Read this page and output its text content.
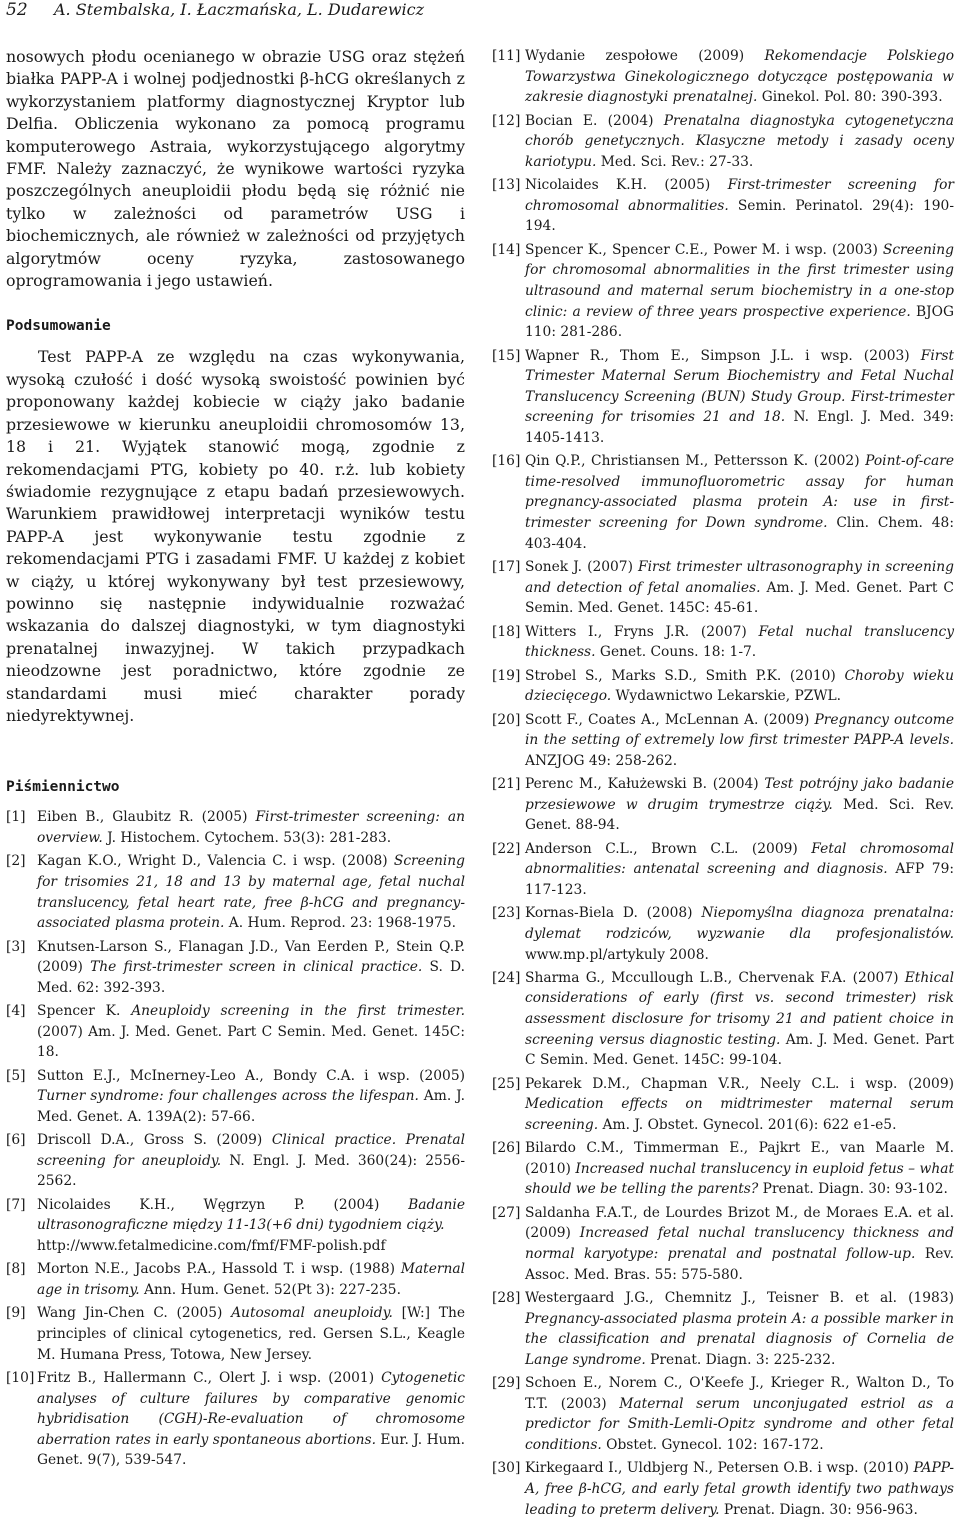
52 A. Stembalska, I. Łaczmańska, L. Dudarewicz

nosowych płodu ocenianego w obrazie USG oraz stężeń białka PAPP-A i wolnej podjednostki β-hCG określanych z wykorzystaniem platformy diagnostycznej Kryptor lub Delfia. Obliczenia wykonano za pomocą programu komputerowego Astraia, wykorzystującego algorytmy FMF. Należy zaznaczyć, że wynikowe wartości ryzyka poszczególnych aneuploidii płodu będą się różnić nie tylko w zależności od parametrów USG i biochemicznych, ale również w zależności od przyjętych algorytmów oceny ryzyka, zastosowanego oprogramowania i jego ustawień.

Podsumowanie

Test PAPP-A ze względu na czas wykonywania, wysoką czułość i dość wysoką swoistość powinien być proponowany każdej kobiecie w ciąży jako badanie przesiewowe w kierunku aneuploidii chromosomów 13, 18 i 21. Wyjątek stanowić mogą, zgodnie z rekomendacjami PTG, kobiety po 40. r.ż. lub kobiety świadomie rezygnujące z etapu badań przesiewowych. Warunkiem prawidłowej interpretacji wyników testu PAPP-A jest wykonywanie testu zgodnie z rekomendacjami PTG i zasadami FMF. U każdej z kobiet w ciąży, u której wykonywany był test przesiewowy, powinno się następnie indywidualnie rozważać wskazania do dalszej diagnostyki, w tym diagnostyki prenatalnej inwazyjnej. W takich przypadkach nieodzowne jest poradnictwo, które zgodnie ze standardami musi mieć charakter porady niedyrektywnej.

Piśmiennictwo
[1] Eiben B., Glaubitz R. (2005) First-trimester screening: an overview. J. Histochem. Cytochem. 53(3): 281-283.
[2] Kagan K.O., Wright D., Valencia C. i wsp. (2008) Screening for trisomies 21, 18 and 13 by maternal age, fetal nuchal translucency, fetal heart rate, free β-hCG and pregnancy-associated plasma protein. A. Hum. Reprod. 23: 1968-1975.
[3] Knutsen-Larson S., Flanagan J.D., Van Eerden P., Stein Q.P. (2009) The first-trimester screen in clinical practice. S. D. Med. 62: 392-393.
[4] Spencer K. Aneuploidy screening in the first trimester. (2007) Am. J. Med. Genet. Part C Semin. Med. Genet. 145C: 18.
[5] Sutton E.J., McInerney-Leo A., Bondy C.A. i wsp. (2005) Turner syndrome: four challenges across the lifespan. Am. J. Med. Genet. A. 139A(2): 57-66.
[6] Driscoll D.A., Gross S. (2009) Clinical practice. Prenatal screening for aneuploidy. N. Engl. J. Med. 360(24): 2556-2562.
[7] Nicolaides K.H., Węgrzyn P. (2004) Badanie ultrasonograficzne między 11-13(+6 dni) tygodniem ciąży.
http://www.fetalmedicine.com/fmf/FMF-polish.pdf
[8] Morton N.E., Jacobs P.A., Hassold T. i wsp. (1988) Maternal age in trisomy. Ann. Hum. Genet. 52(Pt 3): 227-235.
[9] Wang Jin-Chen C. (2005) Autosomal aneuploidy. [W:] The principles of clinical cytogenetics, red. Gersen S.L., Keagle M. Humana Press, Totowa, New Jersey.
[10] Fritz B., Hallermann C., Olert J. i wsp. (2001) Cytogenetic analyses of culture failures by comparative genomic hybridisation (CGH)-Re-evaluation of chromosome aberration rates in early spontaneous abortions. Eur. J. Hum. Genet. 9(7), 539-547.
[11] Wydanie zespołowe (2009) Rekomendacje Polskiego Towarzystwa Ginekologicznego dotyczące postępowania w zakresie diagnostyki prenatalnej. Ginekol. Pol. 80: 390-393.
[12] Bocian E. (2004) Prenatalna diagnostyka cytogenetyczna chorób genetycznych. Klasyczne metody i zasady oceny kariotypu. Med. Sci. Rev.: 27-33.
[13] Nicolaides K.H. (2005) First-trimester screening for chromosomal abnormalities. Semin. Perinatol. 29(4): 190-194.
[14] Spencer K., Spencer C.E., Power M. i wsp. (2003) Screening for chromosomal abnormalities in the first trimester using ultrasound and maternal serum biochemistry in a one-stop clinic: a review of three years prospective experience. BJOG 110: 281-286.
[15] Wapner R., Thom E., Simpson J.L. i wsp. (2003) First Trimester Maternal Serum Biochemistry and Fetal Nuchal Translucency Screening (BUN) Study Group. First-trimester screening for trisomies 21 and 18. N. Engl. J. Med. 349: 1405-1413.
[16] Qin Q.P., Christiansen M., Pettersson K. (2002) Point-of-care time-resolved immunofluorometric assay for human pregnancy-associated plasma protein A: use in first-trimester screening for Down syndrome. Clin. Chem. 48: 403-404.
[17] Sonek J. (2007) First trimester ultrasonography in screening and detection of fetal anomalies. Am. J. Med. Genet. Part C Semin. Med. Genet. 145C: 45-61.
[18] Witters I., Fryns J.R. (2007) Fetal nuchal translucency thickness. Genet. Couns. 18: 1-7.
[19] Strobel S., Marks S.D., Smith P.K. (2010) Choroby wieku dziecięcego. Wydawnictwo Lekarskie, PZWL.
[20] Scott F., Coates A., McLennan A. (2009) Pregnancy outcome in the setting of extremely low first trimester PAPP-A levels. ANZJOG 49: 258-262.
[21] Perenc M., Kałużewski B. (2004) Test potrójny jako badanie przesiewowe w drugim trymestrze ciąży. Med. Sci. Rev. Genet. 88-94.
[22] Anderson C.L., Brown C.L. (2009) Fetal chromosomal abnormalities: antenatal screening and diagnosis. AFP 79: 117-123.
[23] Kornas-Biela D. (2008) Niepomyślna diagnoza prenatalna: dylemat rodziców, wyzwanie dla profesjonalistów. www.mp.pl/artykuly 2008.
[24] Sharma G., Mccullough L.B., Chervenak F.A. (2007) Ethical considerations of early (first vs. second trimester) risk assessment disclosure for trisomy 21 and patient choice in screening versus diagnostic testing. Am. J. Med. Genet. Part C Semin. Med. Genet. 145C: 99-104.
[25] Pekarek D.M., Chapman V.R., Neely C.L. i wsp. (2009) Medication effects on midtrimester maternal serum screening. Am. J. Obstet. Gynecol. 201(6): 622 e1-e5.
[26] Bilardo C.M., Timmerman E., Pajkrt E., van Maarle M. (2010) Increased nuchal translucency in euploid fetus – what should we be telling the parents? Prenat. Diagn. 30: 93-102.
[27] Saldanha F.A.T., de Lourdes Brizot M., de Moraes E.A. et al. (2009) Increased fetal nuchal translucency thickness and normal karyotype: prenatal and postnatal follow-up. Rev. Assoc. Med. Bras. 55: 575-580.
[28] Westergaard J.G., Chemnitz J., Teisner B. et al. (1983) Pregnancy-associated plasma protein A: a possible marker in the classification and prenatal diagnosis of Cornelia de Lange syndrome. Prenat. Diagn. 3: 225-232.
[29] Schoen E., Norem C., O'Keefe J., Krieger R., Walton D., To T.T. (2003) Maternal serum unconjugated estriol as a predictor for Smith-Lemli-Opitz syndrome and other fetal conditions. Obstet. Gynecol. 102: 167-172.
[30] Kirkegaard I., Uldbjerg N., Petersen O.B. i wsp. (2010) PAPP-A, free β-hCG, and early fetal growth identify two pathways leading to preterm delivery. Prenat. Diagn. 30: 956-963.
